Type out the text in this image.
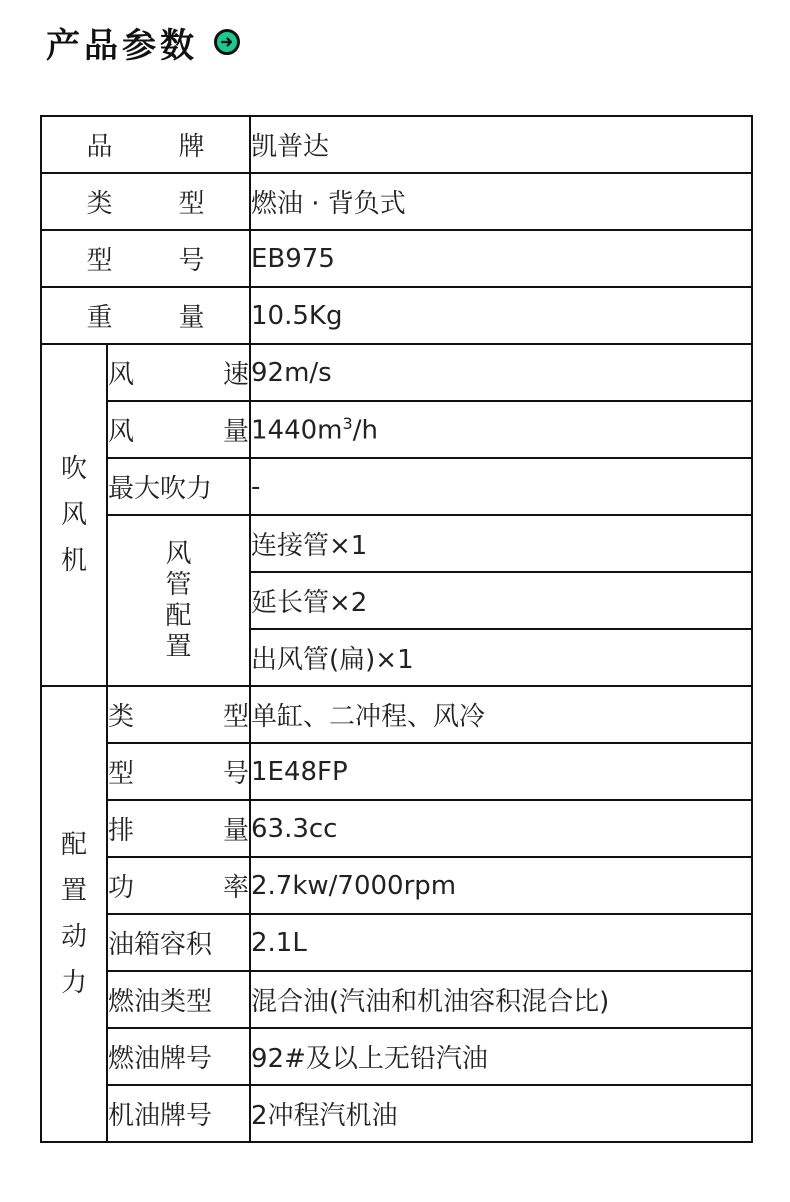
产品参数
品 牌		凯普达

类 型		燃油 · 背负式

型 号		EB975

重 量		10.5Kg
吹风机	风 速	92m/s

	风 量	$1440m^3/h$
	最大吹力	-
	风管配置	连接管×1
		延长管×2
		出风管(扁)×1
配置动力	类 型	单缸、二冲程、风冷

	型 号	1E48FP

	排 量	63.3cc

	功 率	2.7kw/7000rpm
	油箱容积	2.1L
	燃油类型	混合油(汽油和机油容积混合比)
	燃油牌号	92#及以上无铅汽油
	机油牌号	2冲程汽机油
